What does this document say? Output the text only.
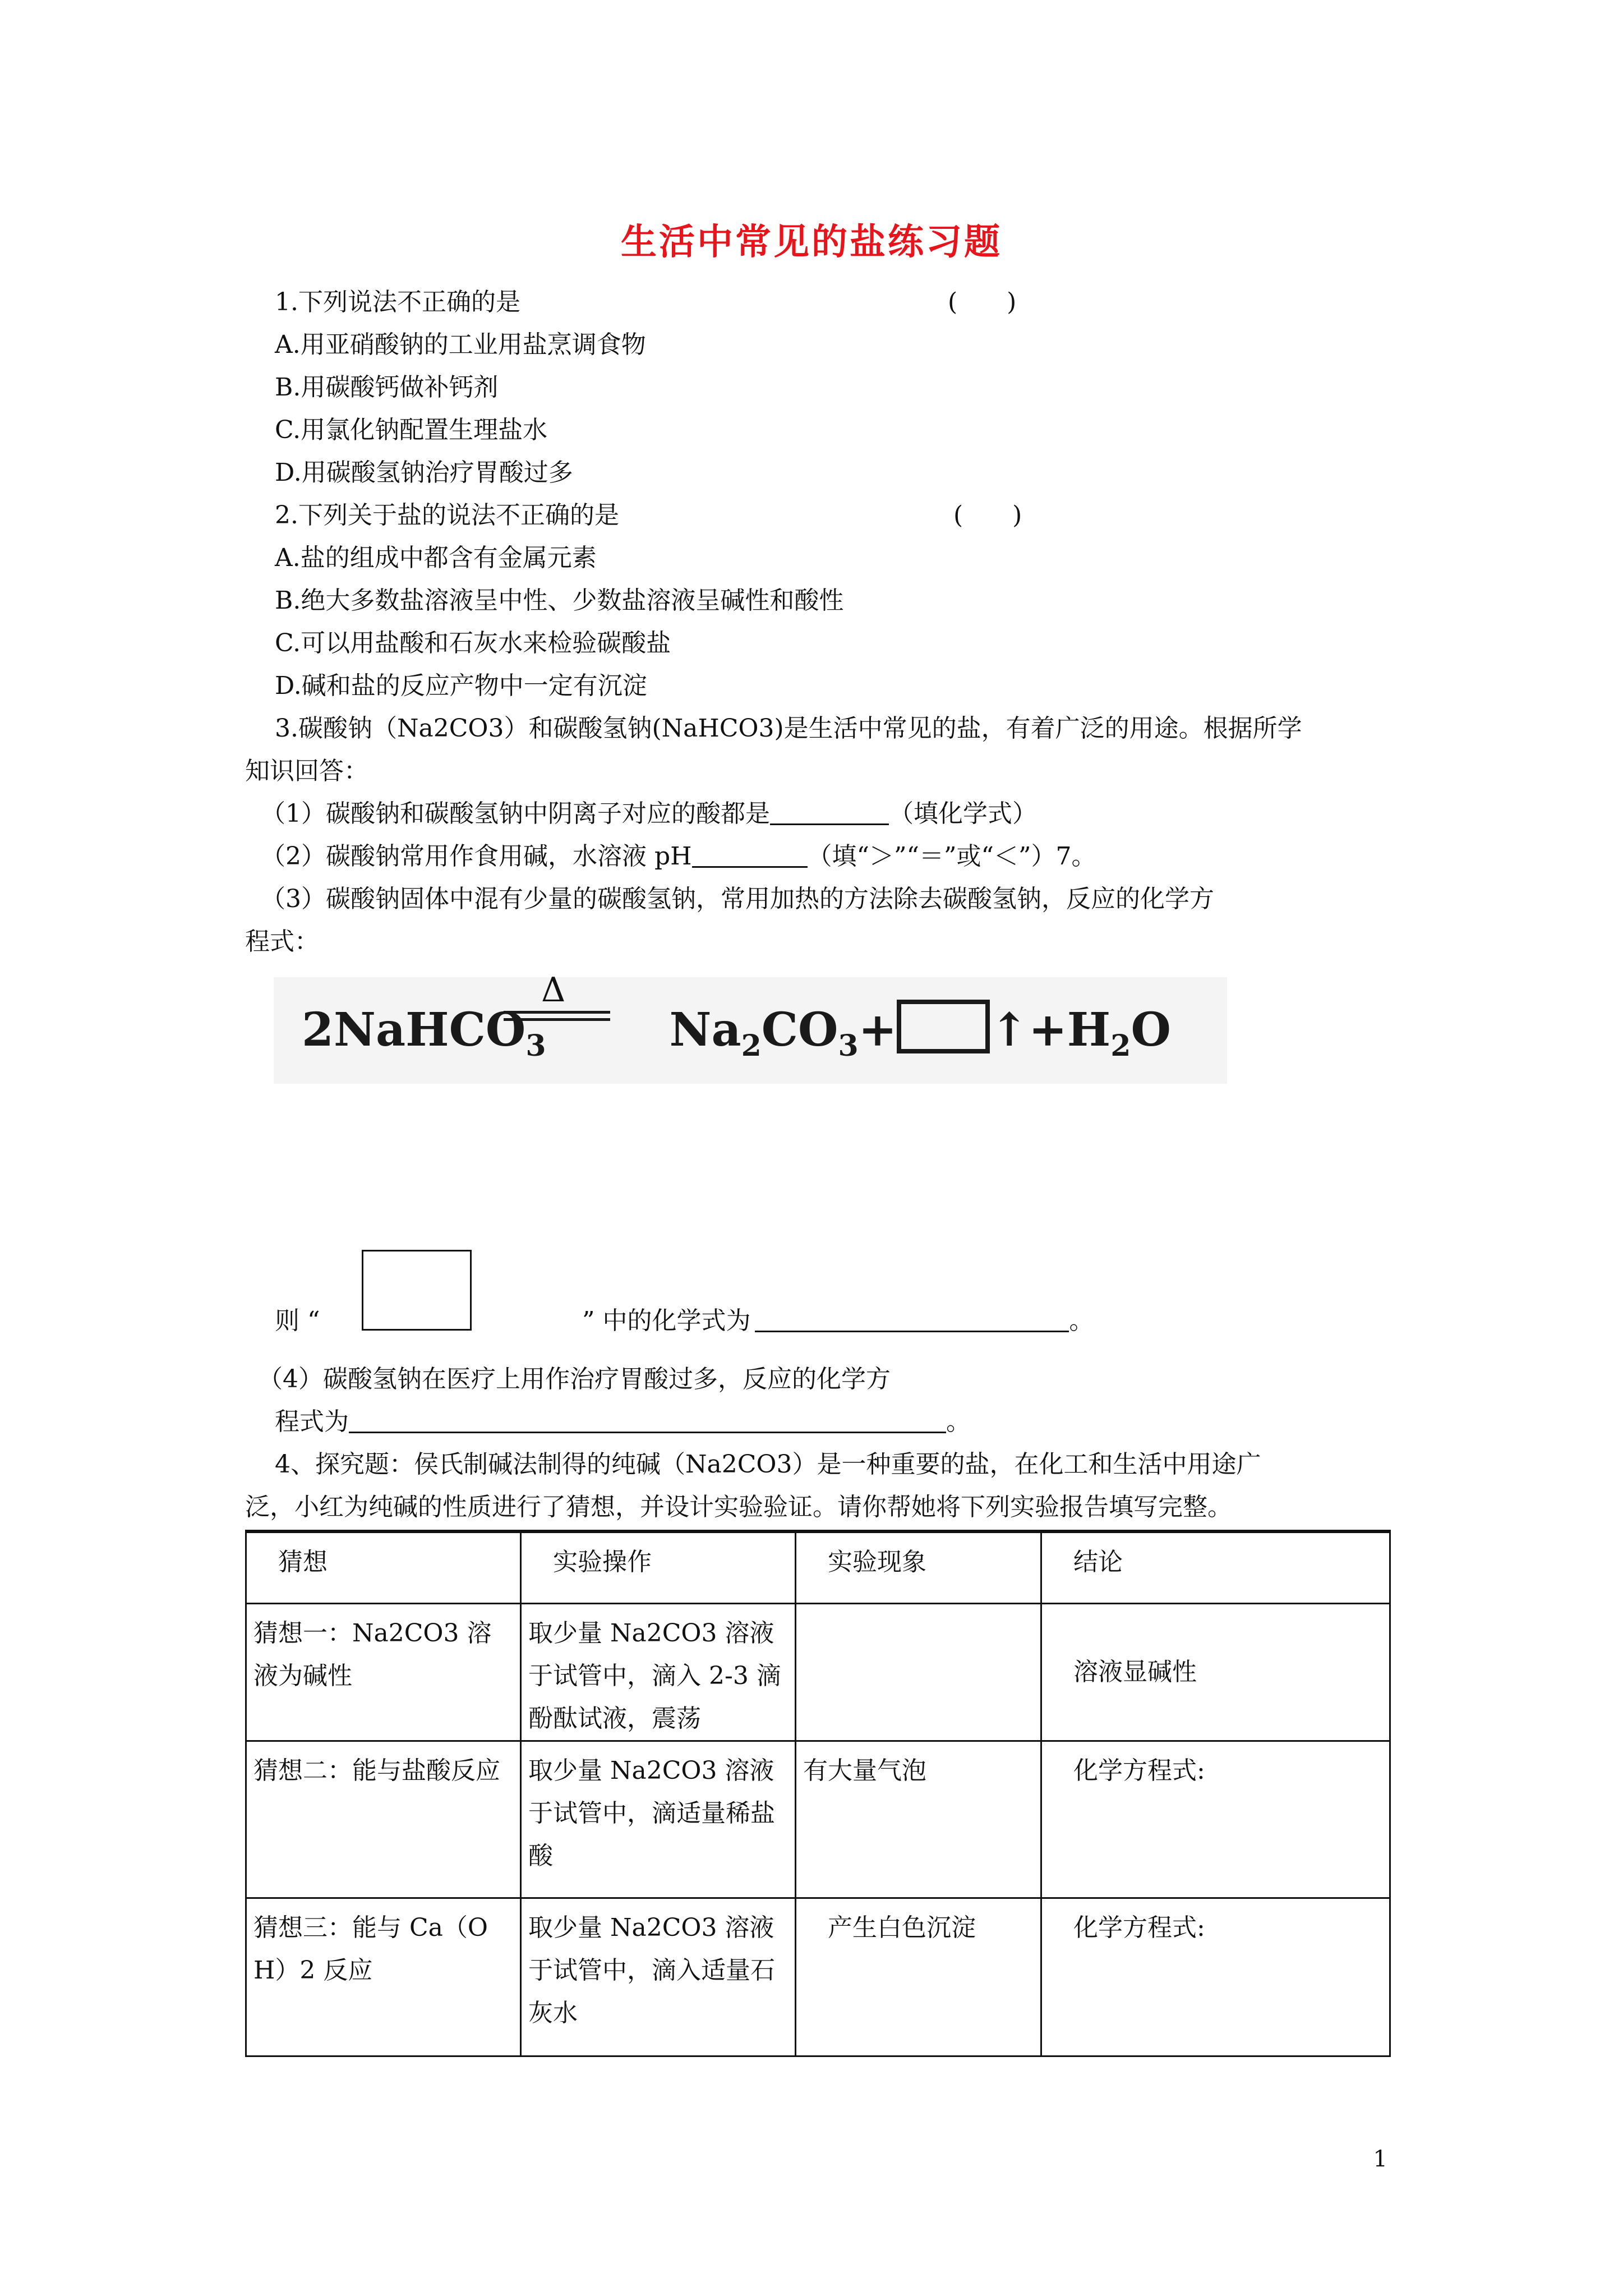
生活中常见的盐练习题
1.下列说法不正确的是	(　　)
A.用亚硝酸钠的工业用盐烹调食物
B.用碳酸钙做补钙剂
C.用氯化钠配置生理盐水
D.用碳酸氢钠治疗胃酸过多
2.下列关于盐的说法不正确的是	(　　)
A.盐的组成中都含有金属元素
B.绝大多数盐溶液呈中性、少数盐溶液呈碱性和酸性
C.可以用盐酸和石灰水来检验碳酸盐
D.碱和盐的反应产物中一定有沉淀
3.碳酸钠（Na2CO3）和碳酸氢钠(NaHCO3)是生活中常见的盐，有着广泛的用途。根据所学
知识回答：
（1）碳酸钠和碳酸氢钠中阴离子对应的酸都是	（填化学式）
（2）碳酸钠常用作食用碱，水溶液 pH	（填“＞”“＝”或“＜”）7。
（3）碳酸钠固体中混有少量的碳酸氢钠，常用加热的方法除去碳酸氢钠，反应的化学方
程式：
Δ
2NaHCO$_3$	$Na_2CO_3+$ $↑+H_2O$
则 “	” 中的化学式为	。
（4）碳酸氢钠在医疗上用作治疗胃酸过多，反应的化学方
程式为	。
4、探究题：侯氏制碱法制得的纯碱（Na2CO3）是一种重要的盐，在化工和生活中用途广
泛，小红为纯碱的性质进行了猜想，并设计实验验证。请你帮她将下列实验报告填写完整。
猜想	实验操作	实验现象	结论
猜想一：Na2CO3 溶液为碱性	取少量 Na2CO3 溶液于试管中，滴入 2-3 滴酚酞试液，震荡		溶液显碱性
猜想二：能与盐酸反应	取少量 Na2CO3 溶液于试管中，滴适量稀盐酸	有大量气泡	化学方程式:
猜想三：能与 Ca（OH）2 反应	取少量 Na2CO3 溶液于试管中，滴入适量石灰水	产生白色沉淀	化学方程式:
1
